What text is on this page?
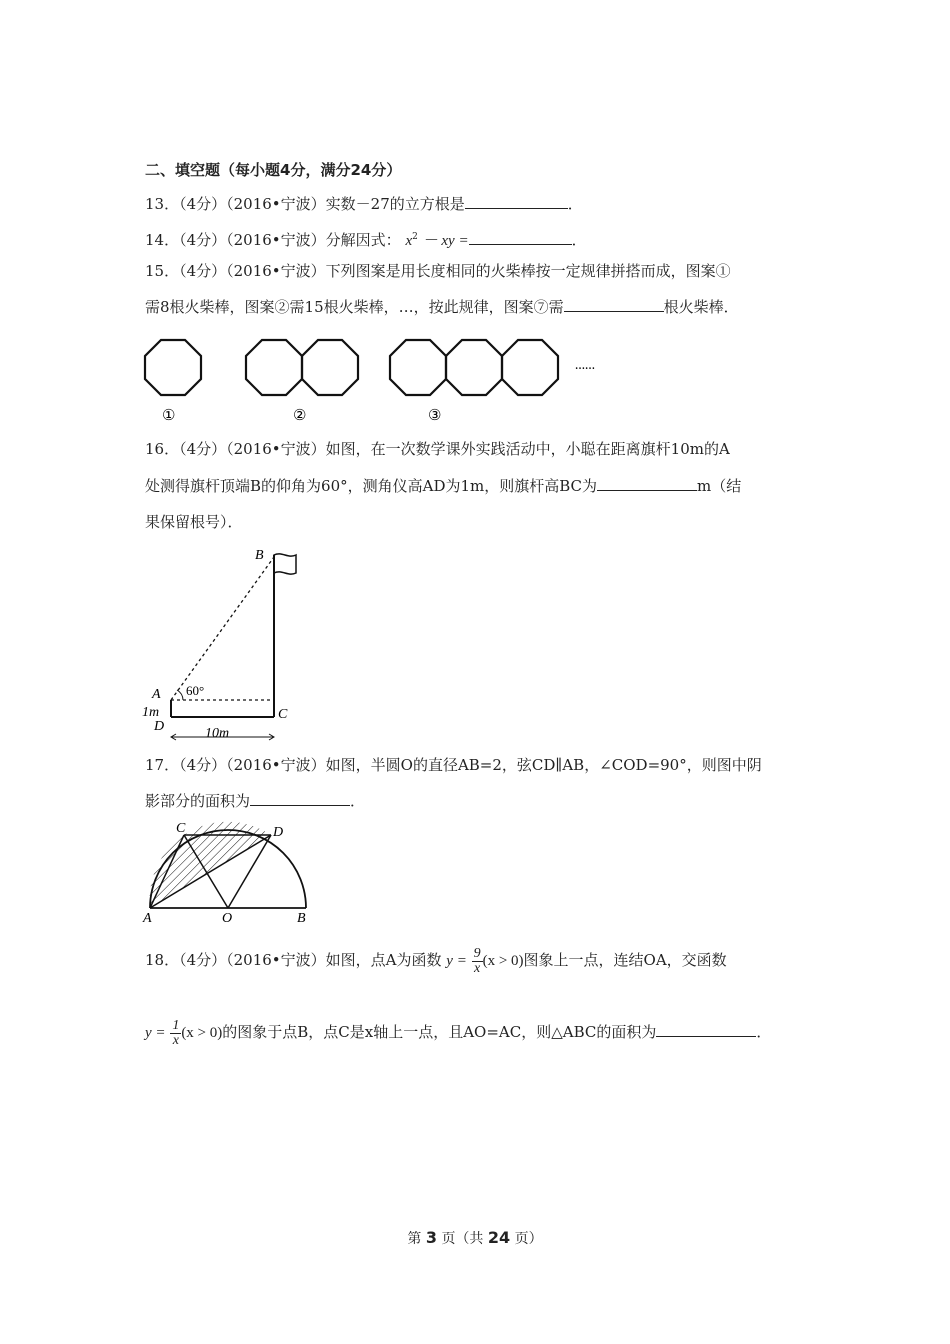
二、填空题（每小题4分，满分24分）
13．（4分）（2016•宁波）实数－27的立方根是	．
14．（4分）（2016•宁波）分解因式： $x^2$ － xy =	．
15．（4分）（2016•宁波）下列图案是用长度相同的火柴棒按一定规律拼搭而成，图案①
需8根火柴棒，图案②需15根火柴棒，…，按此规律，图案⑦需	根火柴棒．
①	②	③
……
16．（4分）（2016•宁波）如图，在一次数学课外实践活动中，小聪在距离旗杆10m的A
处测得旗杆顶端B的仰角为60°，测角仪高AD为1m，则旗杆高BC为	m（结
果保留根号）．
B
A 60°
1m
D
C
10m
17．（4分）（2016•宁波）如图，半圆O的直径AB=2，弦CD∥AB，∠COD=90°，则图中阴
影部分的面积为	．
C	D
A	O	B
18．（4分）（2016•宁波）如图，点A为函数 $y = \frac{9}{x} (x > 0)$图象上一点，连结OA，交函数
$y = \frac{1}{x} (x > 0)$的图象于点B，点C是x轴上一点，且AO=AC，则△ABC的面积为	．
第 3 页（共 24 页）
